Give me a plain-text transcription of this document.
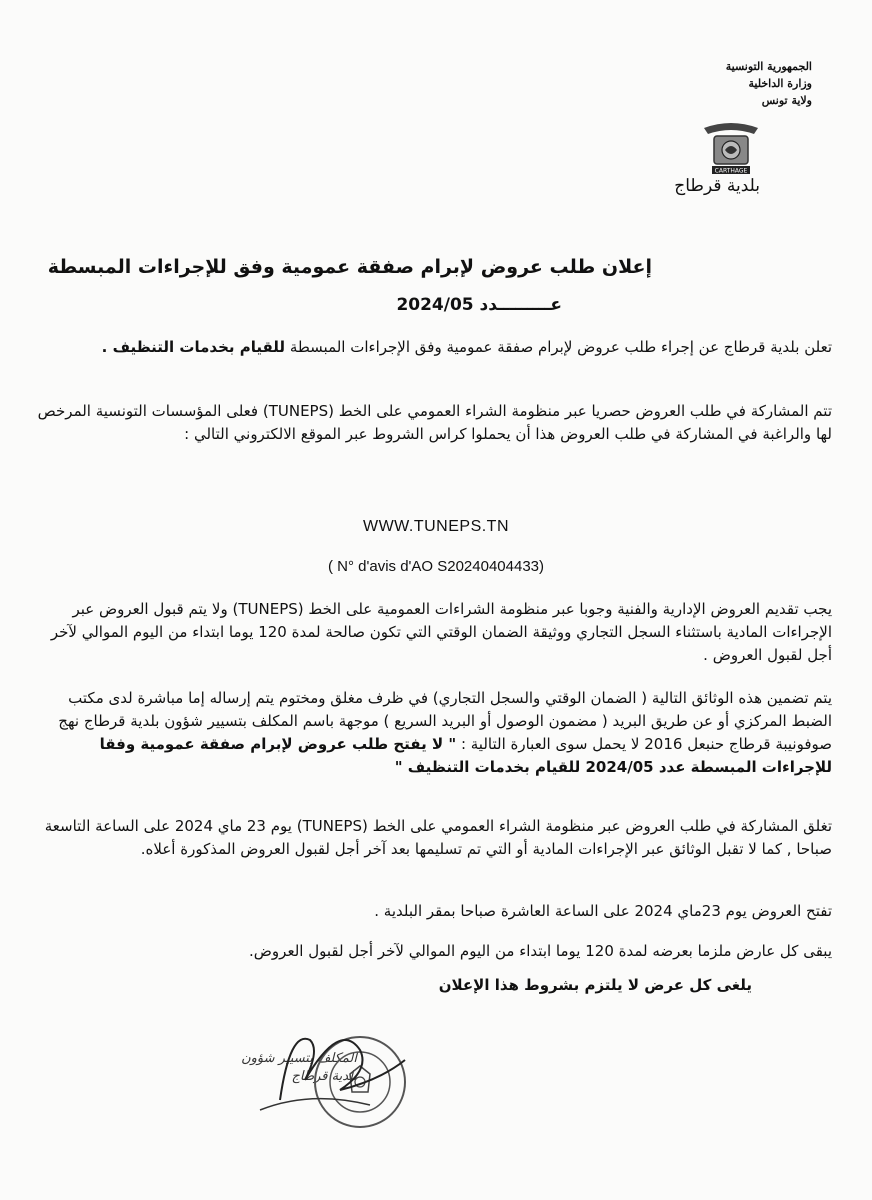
الجمهورية التونسية
وزارة الداخلية
ولاية تونس
CARTHAGE
بلدية قرطاج
إعلان طلب عروض لإبرام صفقة عمومية وفق للإجراءات المبسطة
عـــــــــدد 2024/05
تعلن بلدية قرطاج عن إجراء طلب عروض لإبرام صفقة عمومية وفق الإجراءات المبسطة للقيام بخدمات التنظيف .
تتم المشاركة في طلب العروض حصريا عبر منظومة الشراء العمومي على الخط (TUNEPS) فعلى المؤسسات التونسية المرخص لها والراغبة في المشاركة في طلب العروض هذا أن يحملوا كراس الشروط عبر الموقع الالكتروني التالي :
WWW.TUNEPS.TN
( N° d'avis d'AO S20240404433)
يجب تقديم العروض الإدارية والفنية وجوبا عبر منظومة الشراءات العمومية على الخط (TUNEPS) ولا يتم قبول العروض عبر الإجراءات المادية باستثناء السجل التجاري ووثيقة الضمان الوقتي التي تكون صالحة لمدة 120 يوما ابتداء من اليوم الموالي لآخر أجل لقبول العروض .
يتم تضمين هذه الوثائق التالية ( الضمان الوقتي والسجل التجاري) في ظرف مغلق ومختوم يتم إرساله إما مباشرة لدى مكتب الضبط المركزي أو عن طريق البريد ( مضمون الوصول أو البريد السريع ) موجهة باسم المكلف بتسيير شؤون بلدية قرطاج نهج صوفونيبة قرطاج حنبعل 2016 لا يحمل سوى العبارة التالية : " لا يفتح طلب عروض لإبرام صفقة عمومية وفقا للإجراءات المبسطة عدد 2024/05 للقيام بخدمات التنظيف "
تغلق المشاركة في طلب العروض عبر منظومة الشراء العمومي على الخط (TUNEPS) يوم 23 ماي 2024 على الساعة التاسعة صباحا , كما لا تقبل الوثائق عبر الإجراءات المادية أو التي تم تسليمها بعد آخر أجل لقبول العروض المذكورة أعلاه.
تفتح العروض يوم 23ماي 2024 على الساعة العاشرة صباحا بمقر البلدية .
يبقى كل عارض ملزما بعرضه لمدة 120 يوما ابتداء من اليوم الموالي لآخر أجل لقبول العروض.
يلغى كل عرض لا يلتزم بشروط هذا الإعلان
المكلف بتسيير شؤون بلدية قرطاج
